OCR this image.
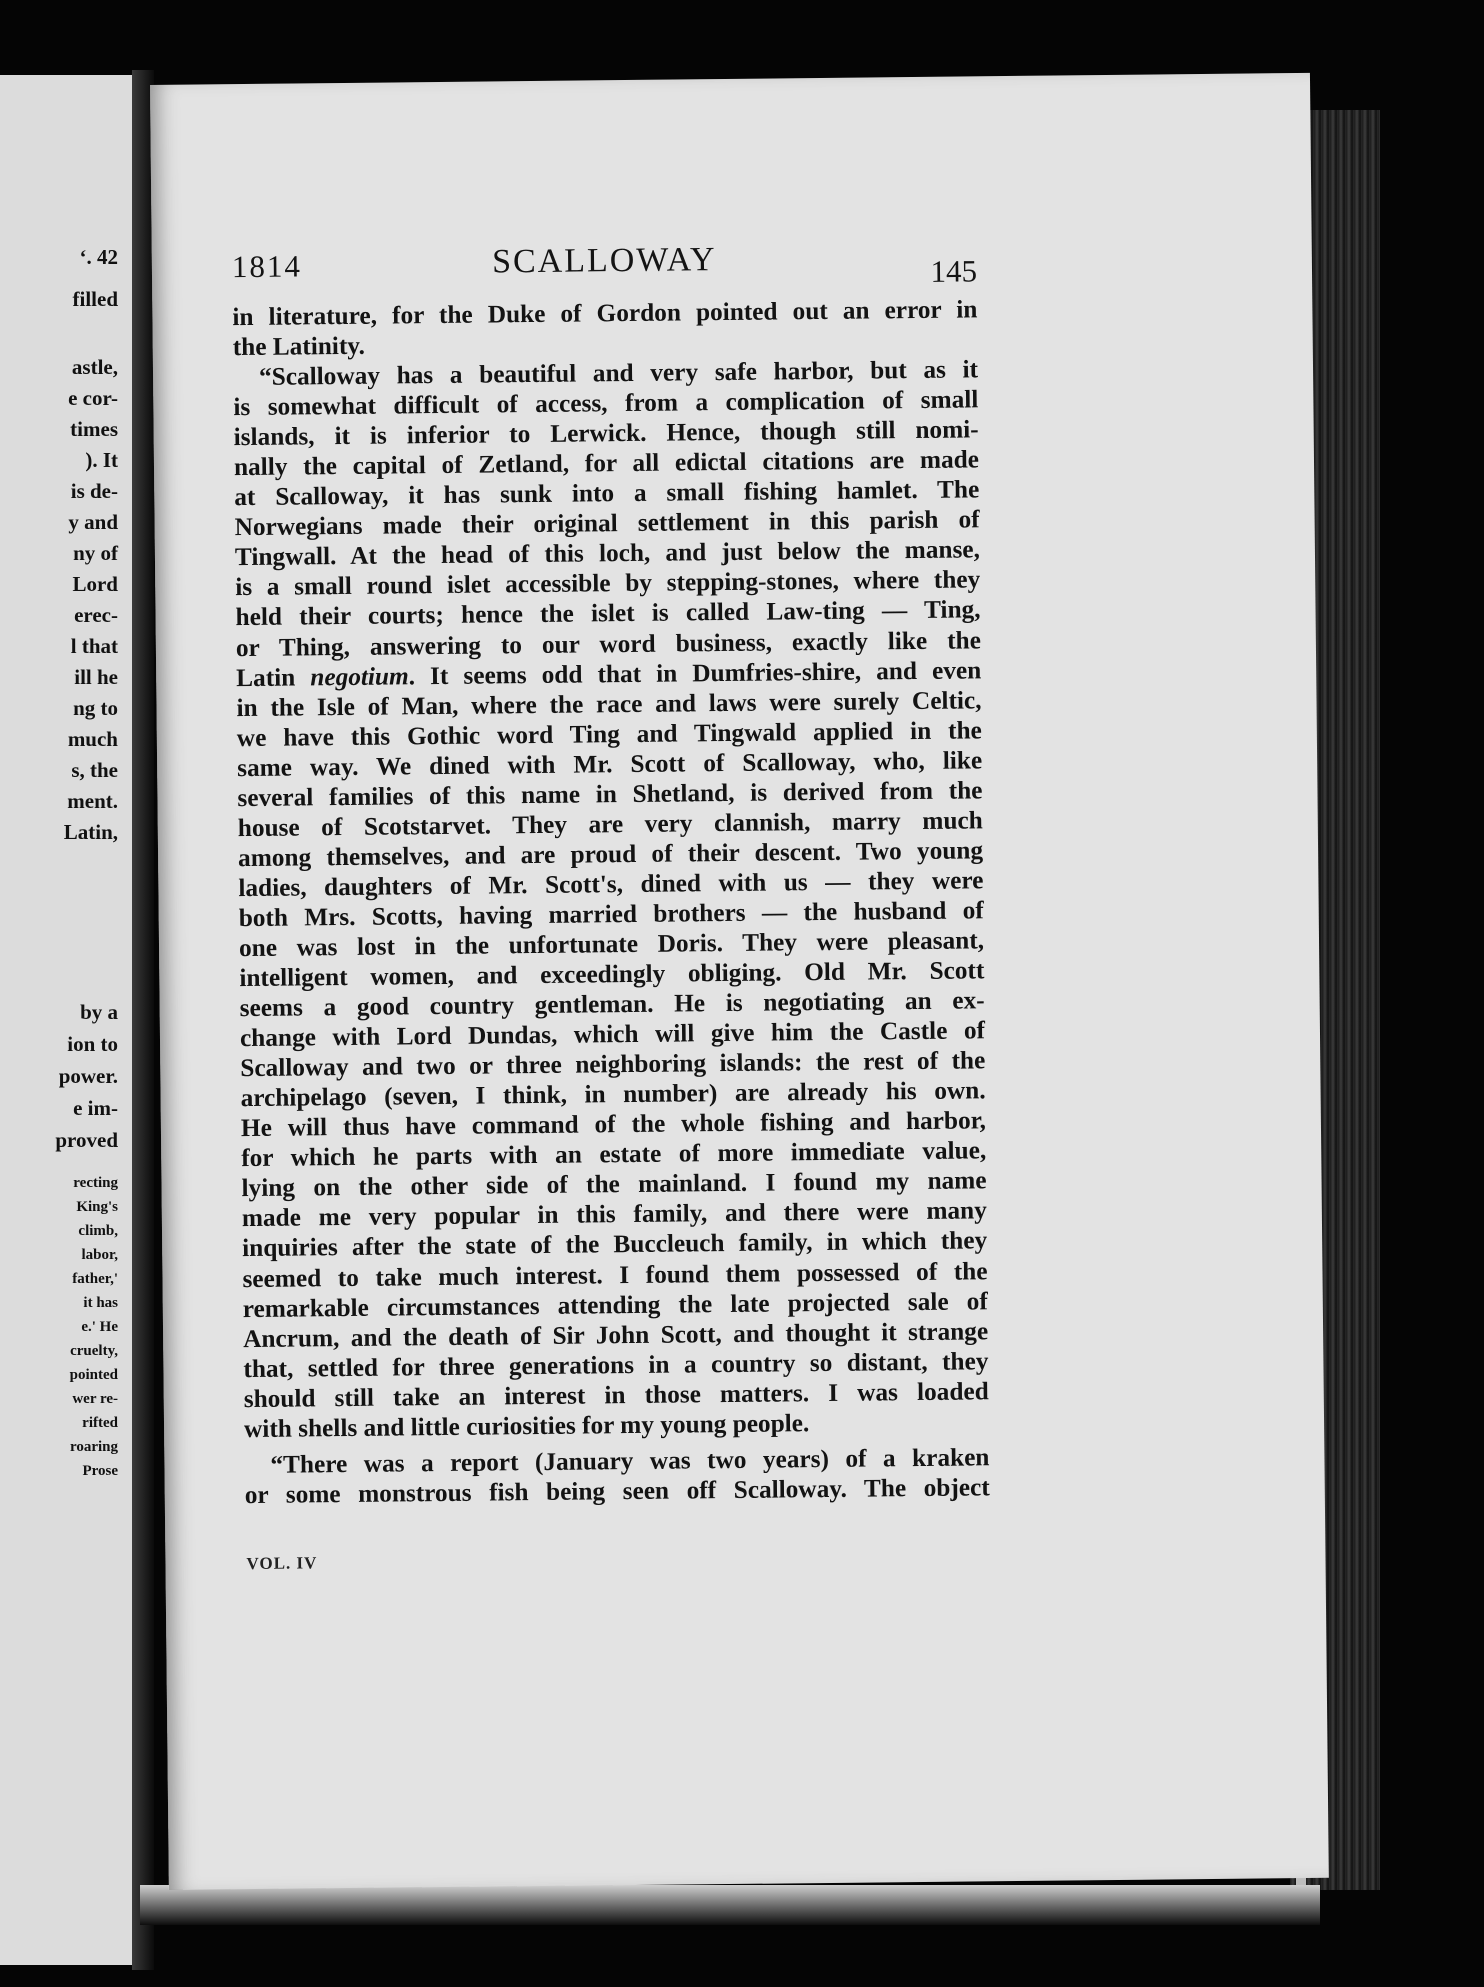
ʻ. 42
filled
astle,
e cor-
times
). It
is de-
y and
ny of
Lord
erec-
l that
ill he
ng to
much
s, the
ment.
Latin,
by a
ion to
power.
e im-
proved
recting
King's
climb,
labor,
father,'
it has
e.' He
cruelty,
pointed
wer re-
rifted
roaring
Prose
1814	SCALLOWAY	145
in literature, for the Duke of Gordon pointed out an error in
the Latinity.
“Scalloway has a beautiful and very safe harbor, but as it
is somewhat difficult of access, from a complication of small
islands, it is inferior to Lerwick. Hence, though still nomi-
nally the capital of Zetland, for all edictal citations are made
at Scalloway, it has sunk into a small fishing hamlet. The
Norwegians made their original settlement in this parish of
Tingwall. At the head of this loch, and just below the manse,
is a small round islet accessible by stepping-stones, where they
held their courts; hence the islet is called Law-ting — Ting,
or Thing, answering to our word business, exactly like the
Latin negotium. It seems odd that in Dumfries-shire, and even
in the Isle of Man, where the race and laws were surely Celtic,
we have this Gothic word Ting and Tingwald applied in the
same way. We dined with Mr. Scott of Scalloway, who, like
several families of this name in Shetland, is derived from the
house of Scotstarvet. They are very clannish, marry much
among themselves, and are proud of their descent. Two young
ladies, daughters of Mr. Scott's, dined with us — they were
both Mrs. Scotts, having married brothers — the husband of
one was lost in the unfortunate Doris. They were pleasant,
intelligent women, and exceedingly obliging. Old Mr. Scott
seems a good country gentleman. He is negotiating an ex-
change with Lord Dundas, which will give him the Castle of
Scalloway and two or three neighboring islands: the rest of the
archipelago (seven, I think, in number) are already his own.
He will thus have command of the whole fishing and harbor,
for which he parts with an estate of more immediate value,
lying on the other side of the mainland. I found my name
made me very popular in this family, and there were many
inquiries after the state of the Buccleuch family, in which they
seemed to take much interest. I found them possessed of the
remarkable circumstances attending the late projected sale of
Ancrum, and the death of Sir John Scott, and thought it strange
that, settled for three generations in a country so distant, they
should still take an interest in those matters. I was loaded
with shells and little curiosities for my young people.
“There was a report (January was two years) of a kraken
or some monstrous fish being seen off Scalloway. The object
VOL. IV
